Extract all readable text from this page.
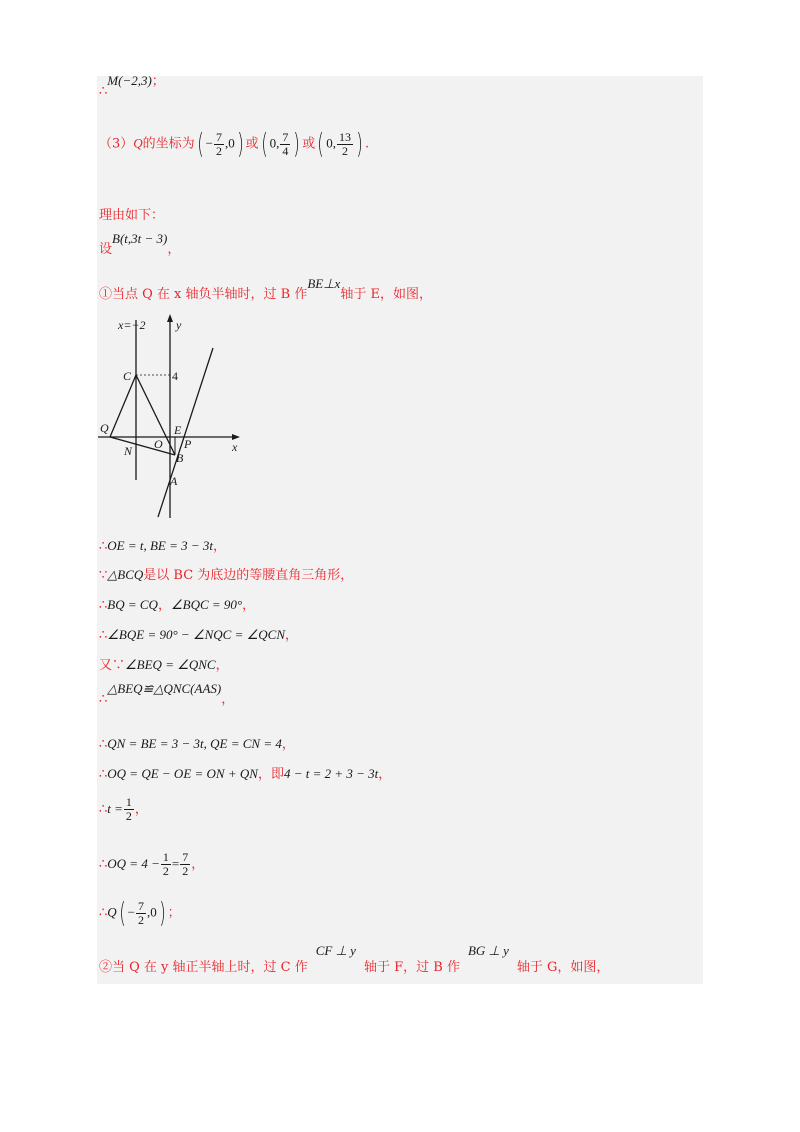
∴M(−2,3)；
（3）Q的坐标为( − $\frac{7}{2} ,0$) 或( 0, $\frac{7}{4}$ ) 或( 0, $\frac{13}{2}$ ) .
理由如下：
设B(t,3t − 3)，
①当点 Q 在 x 轴负半轴时，过 B 作BE⊥x轴于 E，如图，
x=−2	y
x
C	4
Q	E
O P
N	B
A
∴OE = t, BE = 3 − 3t，
∵△BCQ是以 BC 为底边的等腰直角三角形，
∴BQ = CQ，∠BQC = 90°，
∴∠BQE = 90° − ∠NQC = ∠QCN，
又∵∠BEQ = ∠QNC，
∴△BEQ≌△QNC(AAS)，
∴QN = BE = 3 − 3t, QE = CN = 4，
∴OQ = QE − OE = ON + QN，即4 − t = 2 + 3 − 3t，
∴t = $\frac{1}{2}$ ，
∴OQ = $4 - \frac{1}{2} = \frac{7}{2}$ ，
∴Q( − $\frac{7}{2} ,0$) ；
②当 Q 在 y 轴正半轴上时，过 C 作CF ⊥ y轴于 F，过 B 作BG ⊥ y轴于 G，如图，
